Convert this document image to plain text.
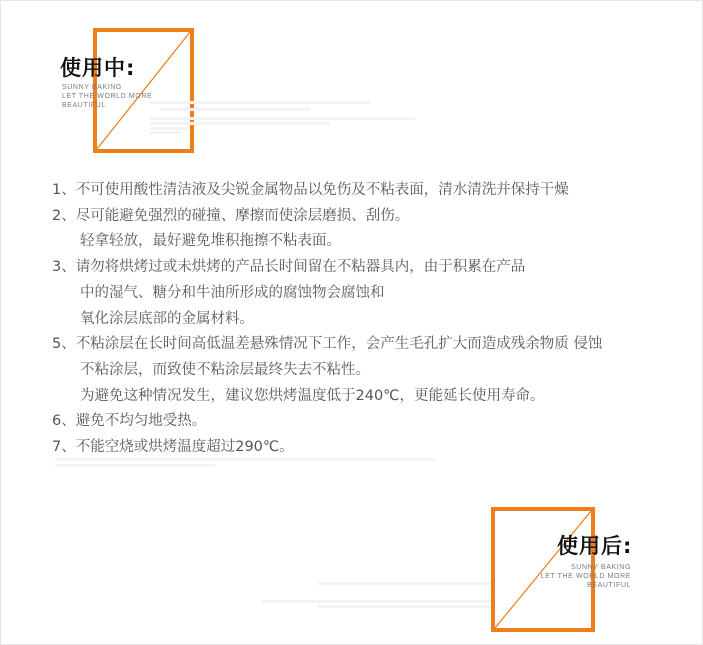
使用中:
SUNNY BAKING
LET THE WORLD MORE
BEAUTIFUL
1、不可使用酸性清洁液及尖锐金属物品以免伤及不粘表面，清水清洗并保持干燥
2、尽可能避免强烈的碰撞、摩擦而使涂层磨损、刮伤。
轻拿轻放，最好避免堆积拖擦不粘表面。
3、请勿将烘烤过或未烘烤的产品长时间留在不粘器具内，由于积累在产品
中的湿气、糖分和牛油所形成的腐蚀物会腐蚀和
氧化涂层底部的金属材料。
5、不粘涂层在长时间高低温差悬殊情况下工作，会产生毛孔扩大而造成残余物质 侵蚀
不粘涂层，而致使不粘涂层最终失去不粘性。
为避免这种情况发生，建议您烘烤温度低于240℃，更能延长使用寿命。
6、避免不均匀地受热。
7、不能空烧或烘烤温度超过290℃。
使用后:
SUNNY BAKING
LET THE WORLD MORE
BEAUTIFUL
